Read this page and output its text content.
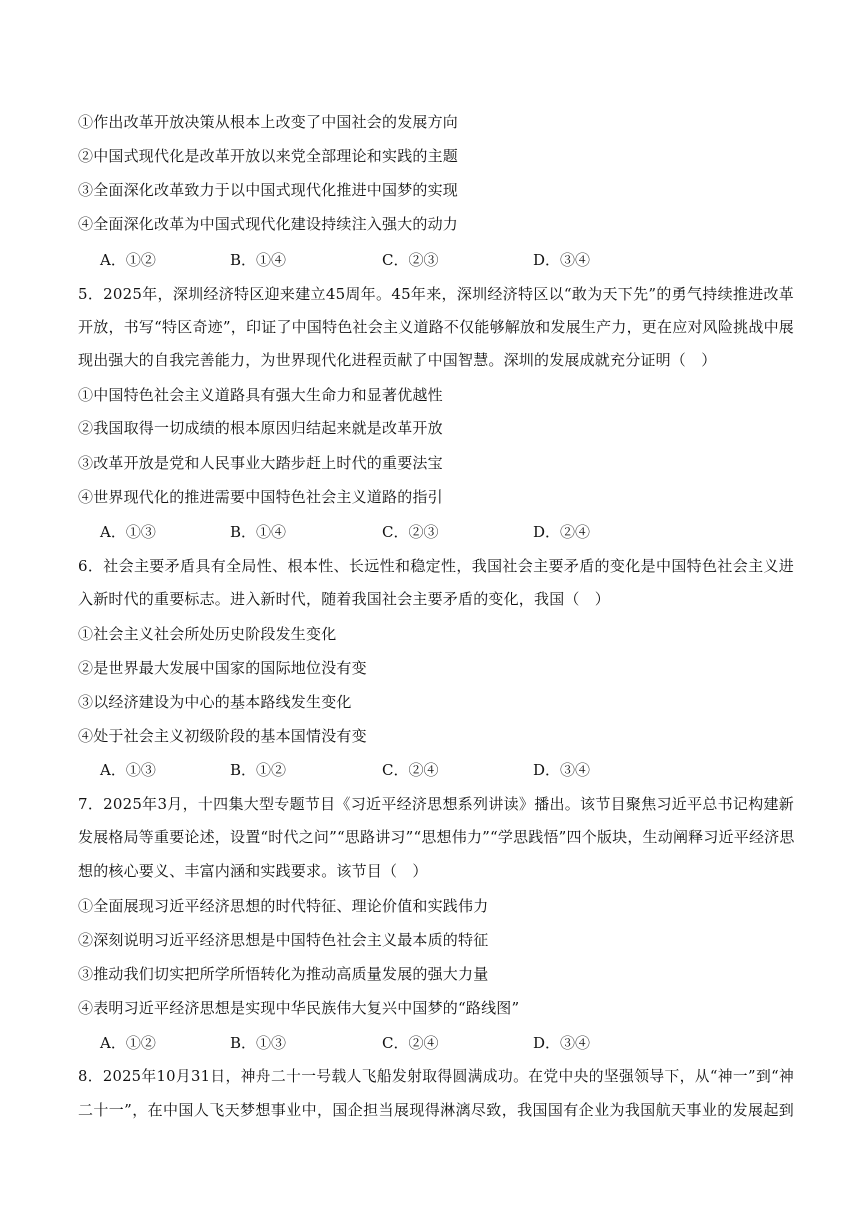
①作出改革开放决策从根本上改变了中国社会的发展方向
②中国式现代化是改革开放以来党全部理论和实践的主题
③全面深化改革致力于以中国式现代化推进中国梦的实现
④全面深化改革为中国式现代化建设持续注入强大的动力
A．①②	B．①④	C．②③	D．③④
5．2025年，深圳经济特区迎来建立45周年。45年来，深圳经济特区以“敢为天下先”的勇气持续推进改革
开放，书写“特区奇迹”，印证了中国特色社会主义道路不仅能够解放和发展生产力，更在应对风险挑战中展
现出强大的自我完善能力，为世界现代化进程贡献了中国智慧。深圳的发展成就充分证明（　）
①中国特色社会主义道路具有强大生命力和显著优越性
②我国取得一切成绩的根本原因归结起来就是改革开放
③改革开放是党和人民事业大踏步赶上时代的重要法宝
④世界现代化的推进需要中国特色社会主义道路的指引
A．①③	B．①④	C．②③	D．②④
6．社会主要矛盾具有全局性、根本性、长远性和稳定性，我国社会主要矛盾的变化是中国特色社会主义进
入新时代的重要标志。进入新时代，随着我国社会主要矛盾的变化，我国（　）
①社会主义社会所处历史阶段发生变化
②是世界最大发展中国家的国际地位没有变
③以经济建设为中心的基本路线发生变化
④处于社会主义初级阶段的基本国情没有变
A．①③	B．①②	C．②④	D．③④
7．2025年3月，十四集大型专题节目《习近平经济思想系列讲读》播出。该节目聚焦习近平总书记构建新
发展格局等重要论述，设置“时代之问”“思路讲习”“思想伟力”“学思践悟”四个版块，生动阐释习近平经济思
想的核心要义、丰富内涵和实践要求。该节目（　）
①全面展现习近平经济思想的时代特征、理论价值和实践伟力
②深刻说明习近平经济思想是中国特色社会主义最本质的特征
③推动我们切实把所学所悟转化为推动高质量发展的强大力量
④表明习近平经济思想是实现中华民族伟大复兴中国梦的“路线图”
A．①②	B．①③	C．②④	D．③④
8．2025年10月31日，神舟二十一号载人飞船发射取得圆满成功。在党中央的坚强领导下，从“神一”到“神
二十一”，在中国人飞天梦想事业中，国企担当展现得淋漓尽致，我国国有企业为我国航天事业的发展起到
